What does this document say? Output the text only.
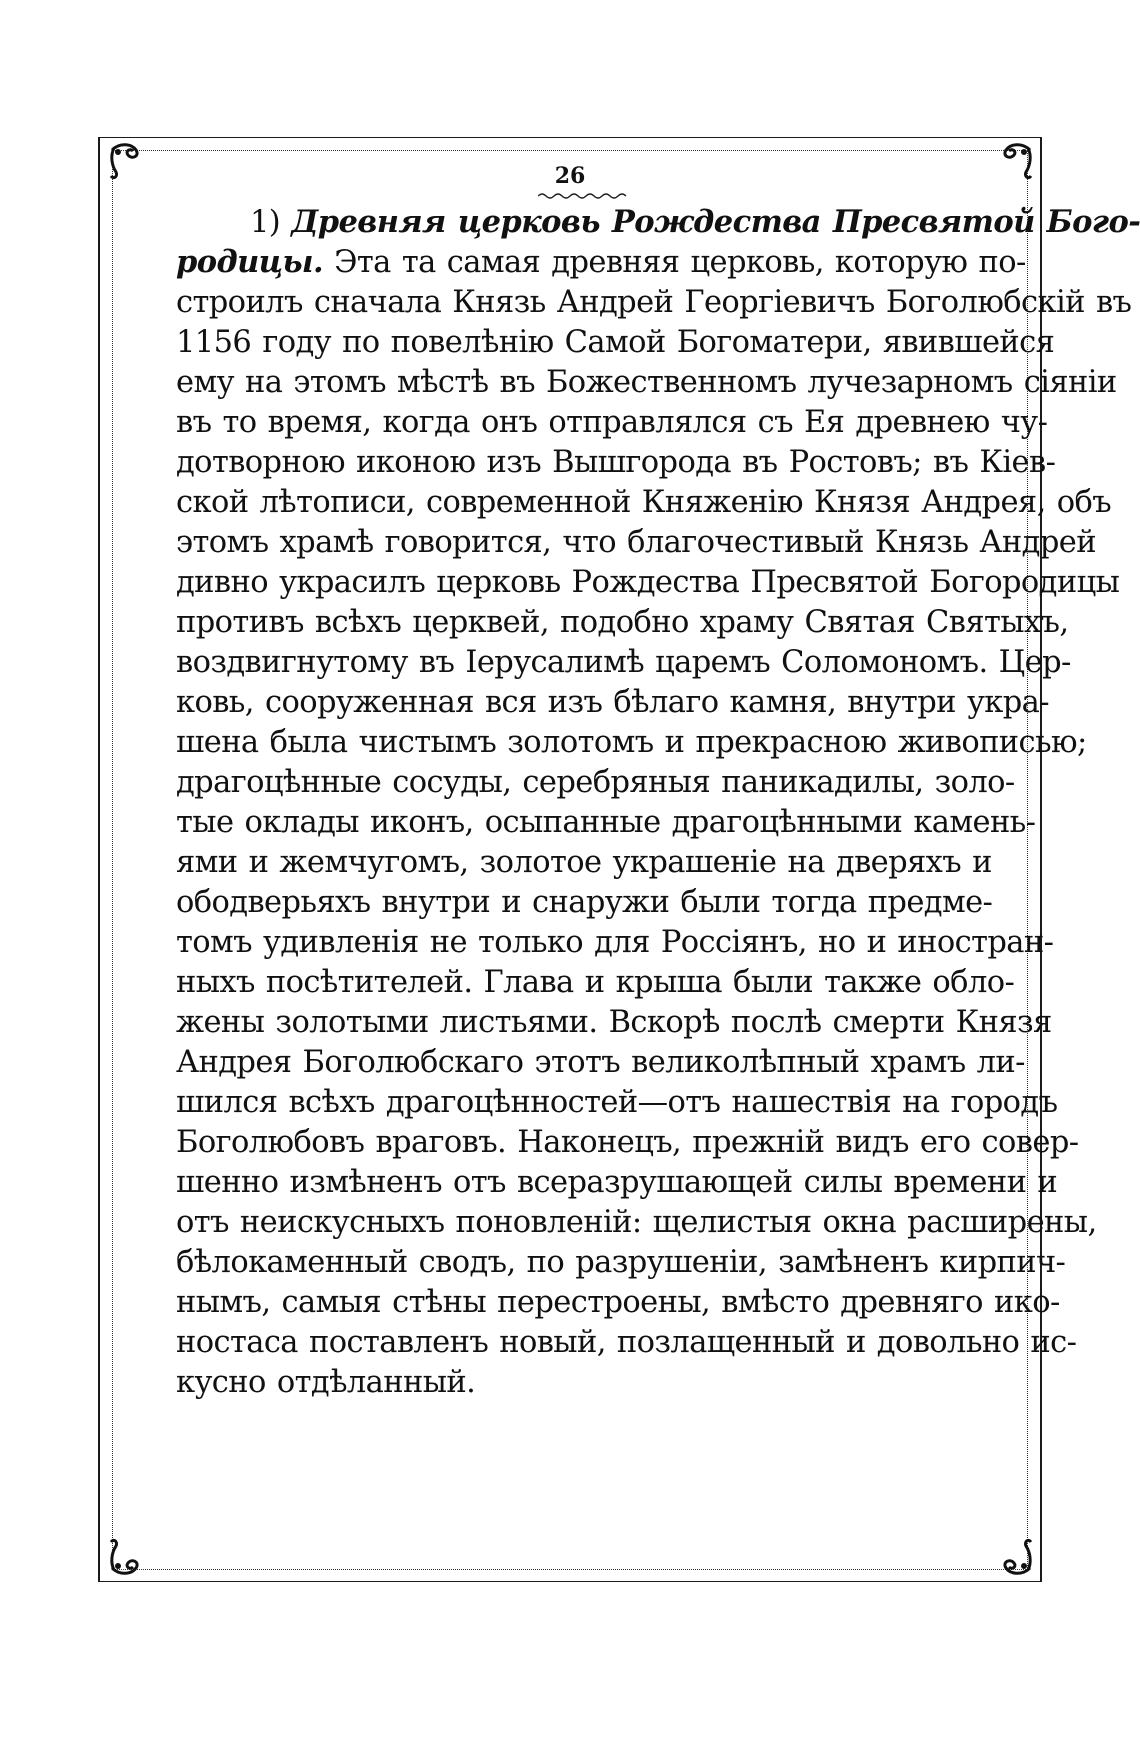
26
1) Древняя церковь Рождества Пресвятой Бого-
родицы. Эта та самая древняя церковь, которую по-
строилъ сначала Князь Андрей Георгіевичъ Боголюбскій въ
1156 году по повелѣнію Самой Богоматери, явившейся
ему на этомъ мѣстѣ въ Божественномъ лучезарномъ сіяніи
въ то время, когда онъ отправлялся съ Ея древнею чу-
дотворною иконою изъ Вышгорода въ Ростовъ; въ Кіев-
ской лѣтописи, современной Княженію Князя Андрея, объ
этомъ храмѣ говорится, что благочестивый Князь Андрей
дивно украсилъ церковь Рождества Пресвятой Богородицы
противъ всѣхъ церквей, подобно храму Святая Святыхъ,
воздвигнутому въ Іерусалимѣ царемъ Соломономъ. Цер-
ковь, сооруженная вся изъ бѣлаго камня, внутри укра-
шена была чистымъ золотомъ и прекрасною живописью;
драгоцѣнные сосуды, серебряныя паникадилы, золо-
тые оклады иконъ, осыпанные драгоцѣнными камень-
ями и жемчугомъ, золотое украшеніе на дверяхъ и
ободверьяхъ внутри и снаружи были тогда предме-
томъ удивленія не только для Россіянъ, но и иностран-
ныхъ посѣтителей. Глава и крыша были также обло-
жены золотыми листьями. Вскорѣ послѣ смерти Князя
Андрея Боголюбскаго этотъ великолѣпный храмъ ли-
шился всѣхъ драгоцѣнностей—отъ нашествія на городъ
Боголюбовъ враговъ. Наконецъ, прежній видъ его совер-
шенно измѣненъ отъ всеразрушающей силы времени и
отъ неискусныхъ поновленій: щелистыя окна расширены,
бѣлокаменный сводъ, по разрушеніи, замѣненъ кирпич-
нымъ, самыя стѣны перестроены, вмѣсто древняго ико-
ностаса поставленъ новый, позлащенный и довольно ис-
кусно отдѣланный.
